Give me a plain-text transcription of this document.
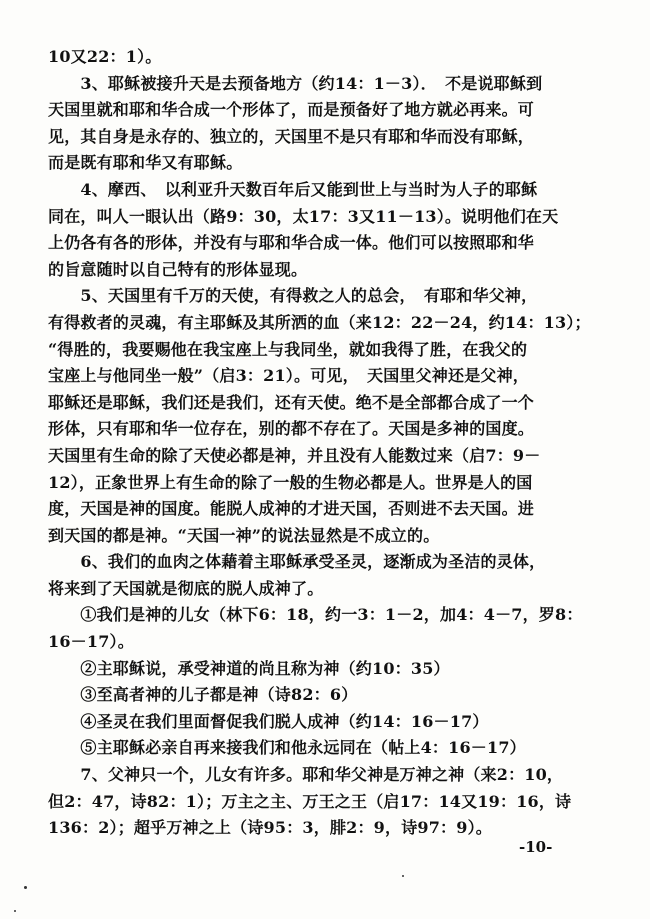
10又22：1）。
　　3、耶稣被接升天是去预备地方（约14：1－3）．　不是说耶稣到
天国里就和耶和华合成一个形体了，而是预备好了地方就必再来。可
见，其自身是永存的、独立的，天国里不是只有耶和华而没有耶稣，
而是既有耶和华又有耶稣。
　　4、摩西、　以利亚升天数百年后又能到世上与当时为人子的耶稣
同在，叫人一眼认出（路9：30，太17：3又11－13）。说明他们在天
上仍各有各的形体，并没有与耶和华合成一体。他们可以按照耶和华
的旨意随时以自己特有的形体显现。
　　5、天国里有千万的天使，有得救之人的总会，　有耶和华父神，
有得救者的灵魂，有主耶稣及其所洒的血（来12：22－24，约14：13）；
“得胜的，我要赐他在我宝座上与我同坐，就如我得了胜，在我父的
宝座上与他同坐一般”（启3：21）。可见，　天国里父神还是父神，
耶稣还是耶稣，我们还是我们，还有天使。绝不是全部都合成了一个
形体，只有耶和华一位存在，别的都不存在了。天国是多神的国度。
天国里有生命的除了天使必都是神，并且没有人能数过来（启7：9－
12），正象世界上有生命的除了一般的生物必都是人。世界是人的国
度，天国是神的国度。能脱人成神的才进天国，否则进不去天国。进
到天国的都是神。“天国一神”的说法显然是不成立的。
　　6、我们的血肉之体藉着主耶稣承受圣灵，逐渐成为圣洁的灵体，
将来到了天国就是彻底的脱人成神了。
　　①我们是神的儿女（林下6：18，约一3：1－2，加4：4－7，罗8：
16－17）。
　　②主耶稣说，承受神道的尚且称为神（约10：35）
　　③至高者神的儿子都是神（诗82：6）
　　④圣灵在我们里面督促我们脱人成神（约14：16－17）
　　⑤主耶稣必亲自再来接我们和他永远同在（帖上4：16－17）
　　7、父神只一个，儿女有许多。耶和华父神是万神之神（来2：10，
但2：47，诗82：1）；万主之主、万王之王（启17：14又19：16，诗
136：2）；超乎万神之上（诗95：3，腓2：9，诗97：9）。
-10-
